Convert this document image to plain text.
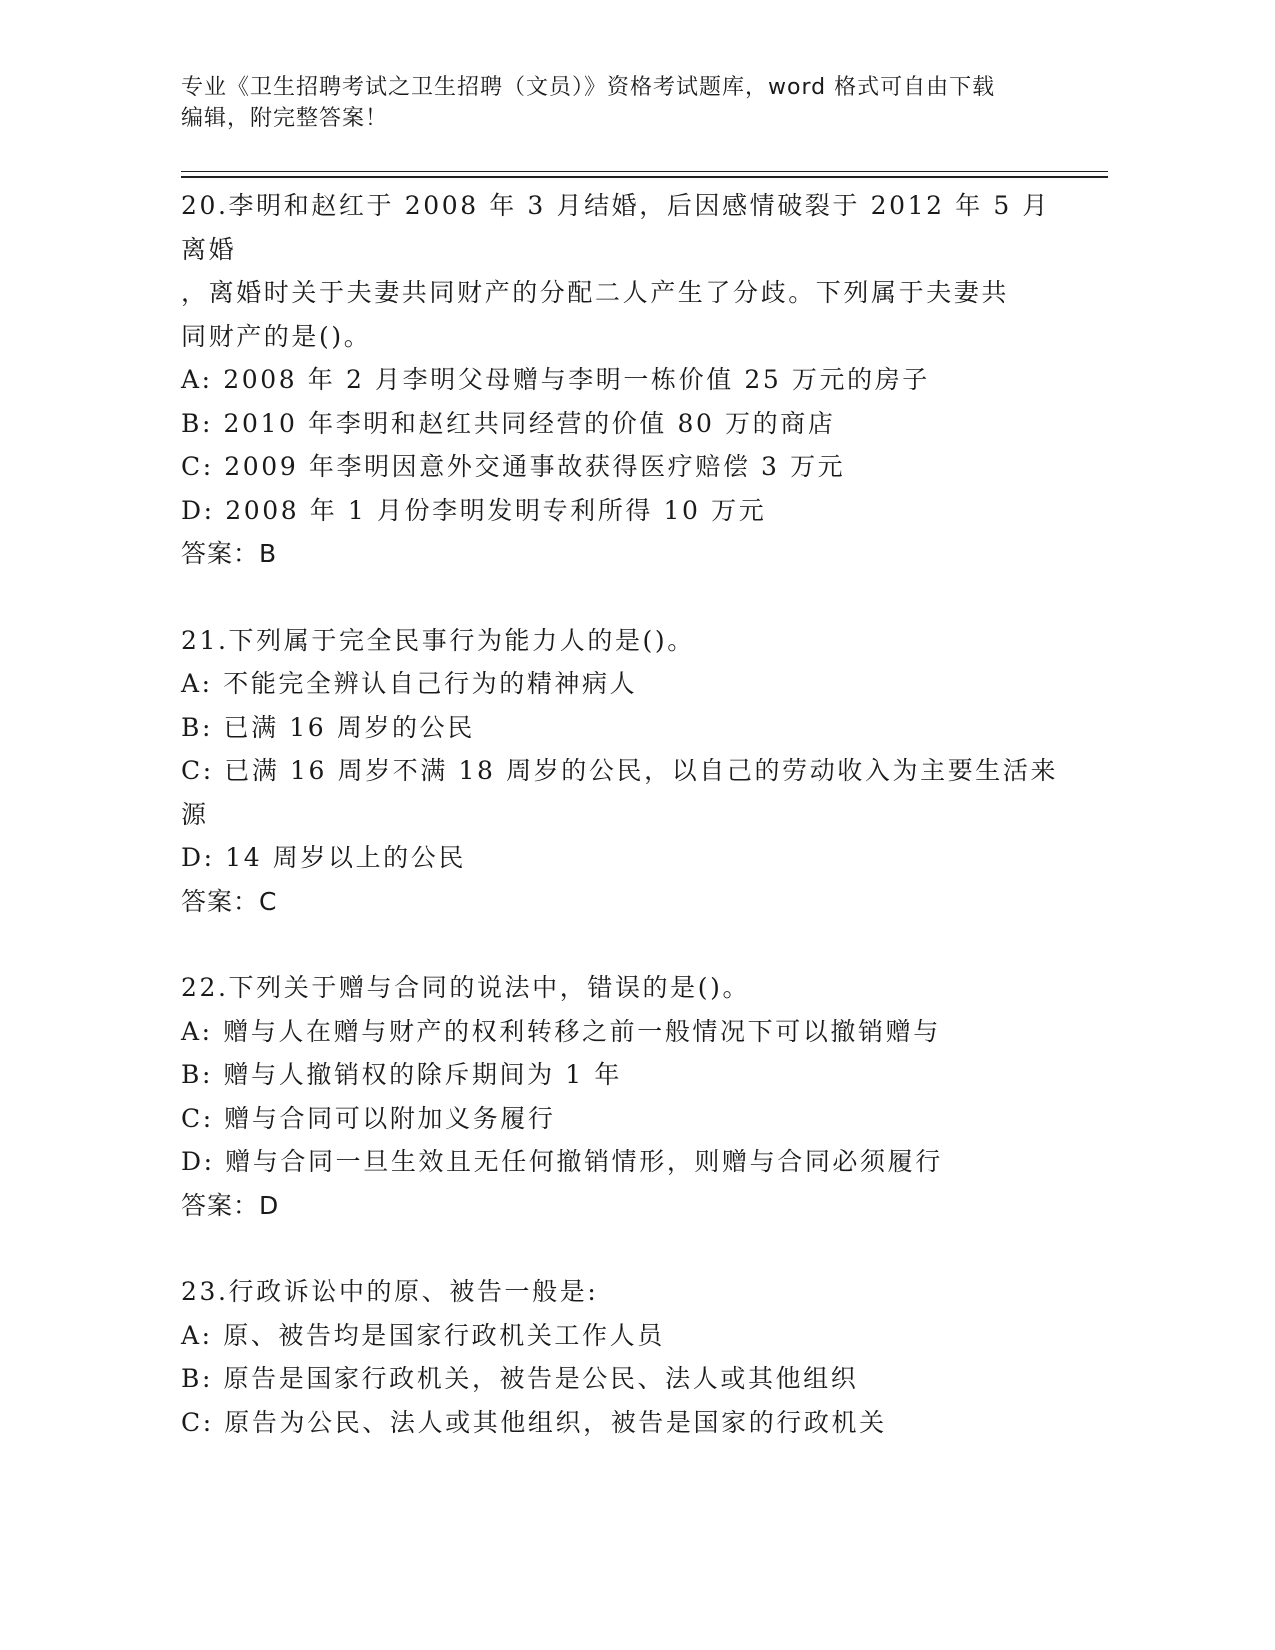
专业《卫生招聘考试之卫生招聘（文员）》资格考试题库，word 格式可自由下载
编辑，附完整答案！
20.李明和赵红于 2008 年 3 月结婚，后因感情破裂于 2012 年 5 月离婚
，离婚时关于夫妻共同财产的分配二人产生了分歧。下列属于夫妻共
同财产的是()。
A: 2008 年 2 月李明父母赠与李明一栋价值 25 万元的房子
B: 2010 年李明和赵红共同经营的价值 80 万的商店
C: 2009 年李明因意外交通事故获得医疗赔偿 3 万元
D: 2008 年 1 月份李明发明专利所得 10 万元
答案：B
21.下列属于完全民事行为能力人的是()。
A: 不能完全辨认自己行为的精神病人
B: 已满 16 周岁的公民
C: 已满 16 周岁不满 18 周岁的公民，以自己的劳动收入为主要生活来
源
D: 14 周岁以上的公民
答案：C
22.下列关于赠与合同的说法中，错误的是()。
A: 赠与人在赠与财产的权利转移之前一般情况下可以撤销赠与
B: 赠与人撤销权的除斥期间为 1 年
C: 赠与合同可以附加义务履行
D: 赠与合同一旦生效且无任何撤销情形，则赠与合同必须履行
答案：D
23.行政诉讼中的原、被告一般是:
A: 原、被告均是国家行政机关工作人员
B: 原告是国家行政机关，被告是公民、法人或其他组织
C: 原告为公民、法人或其他组织，被告是国家的行政机关
